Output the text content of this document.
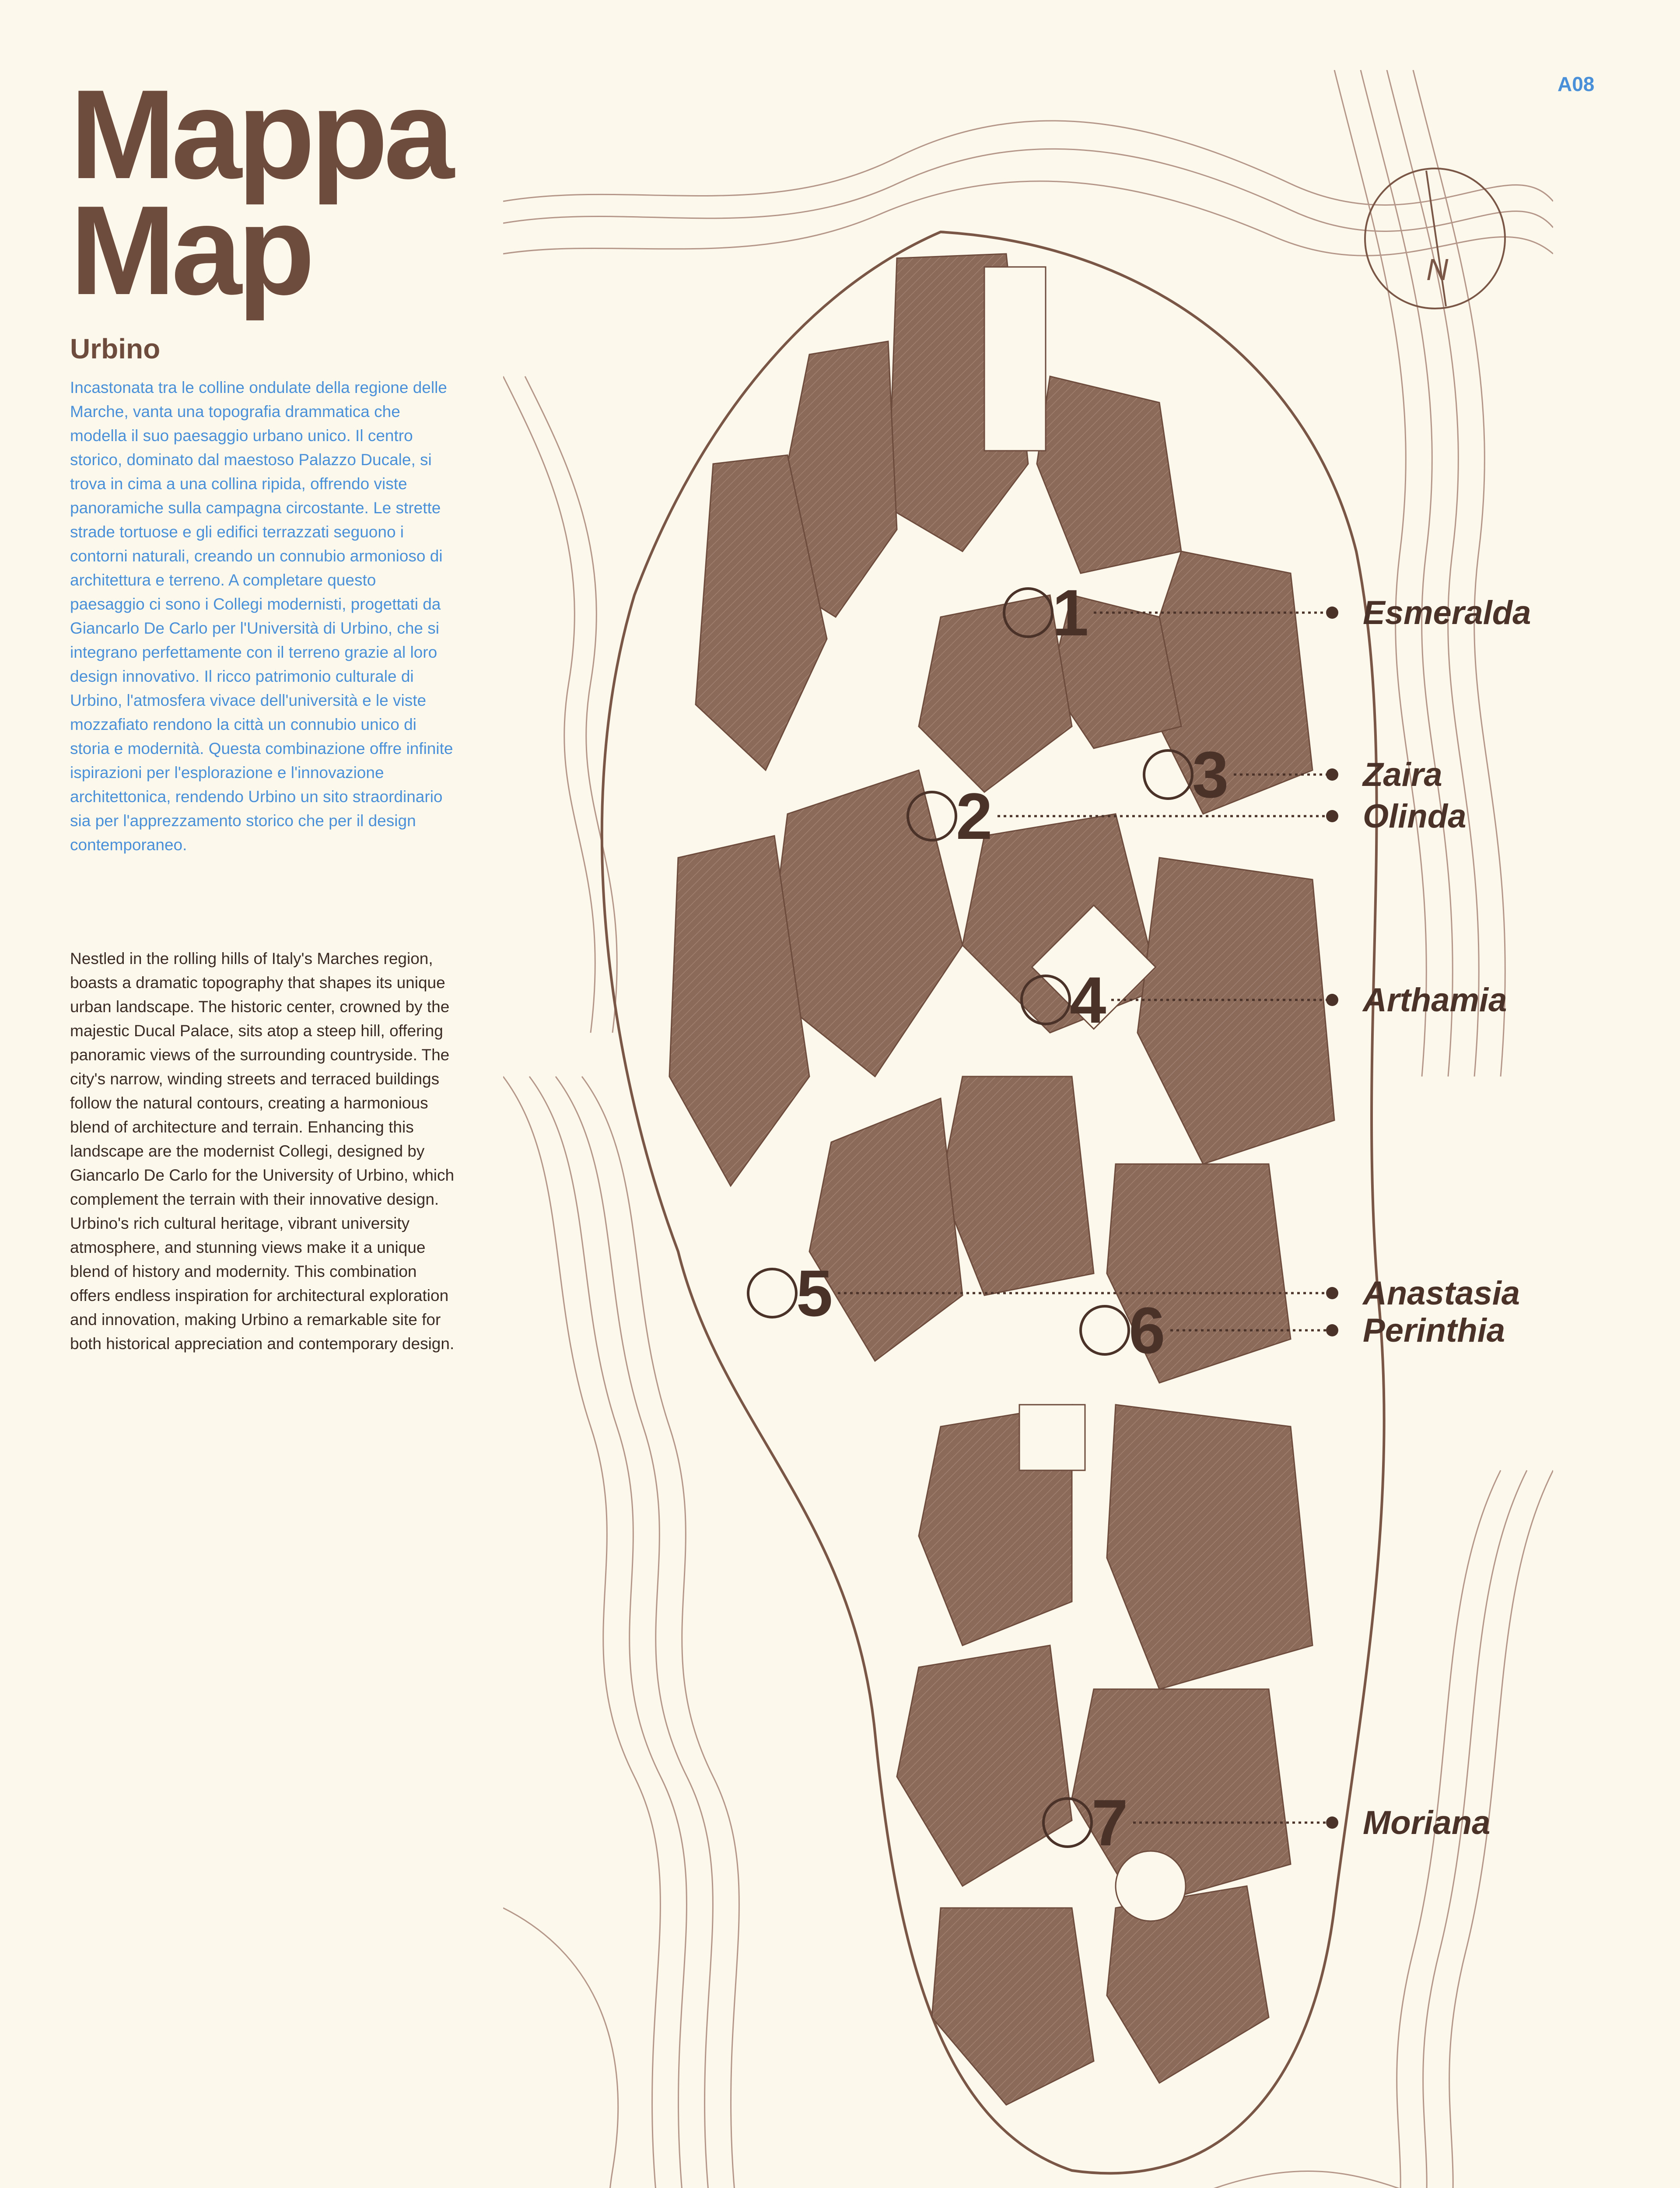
A08
Mappa
Map
Urbino
Incastonata tra le colline ondulate della regione delle Marche, vanta una topografia drammatica che modella il suo paesaggio urbano unico. Il centro storico, dominato dal maestoso Palazzo Ducale, si trova in cima a una collina ripida, offrendo viste panoramiche sulla campagna circostante. Le strette strade tortuose e gli edifici terrazzati seguono i contorni naturali, creando un connubio armonioso di architettura e terreno. A completare questo paesaggio ci sono i Collegi modernisti, progettati da Giancarlo De Carlo per l'Università di Urbino, che si integrano perfettamente con il terreno grazie al loro design innovativo. Il ricco patrimonio culturale di Urbino, l'atmosfera vivace dell'università e le viste mozzafiato rendono la città un connubio unico di storia e modernità. Questa combinazione offre infinite ispirazioni per l'esplorazione e l'innovazione architettonica, rendendo Urbino un sito straordinario sia per l'apprezzamento storico che per il design contemporaneo.
Nestled in the rolling hills of Italy's Marches region, boasts a dramatic topography that shapes its unique urban landscape. The historic center, crowned by the majestic Ducal Palace, sits atop a steep hill, offering panoramic views of the surrounding countryside. The city's narrow, winding streets and terraced buildings follow the natural contours, creating a harmonious blend of architecture and terrain. Enhancing this landscape are the modernist Collegi, designed by Giancarlo De Carlo for the University of Urbino, which complement the terrain with their innovative design. Urbino's rich cultural heritage, vibrant university atmosphere, and stunning views make it a unique blend of history and modernity. This combination offers endless inspiration for architectural exploration and innovation, making Urbino a remarkable site for both historical appreciation and contemporary design.
N
1	Esmeralda
2	Olinda
3	Zaira
4	Arthamia
5	Anastasia
6	Perinthia
7	Moriana
